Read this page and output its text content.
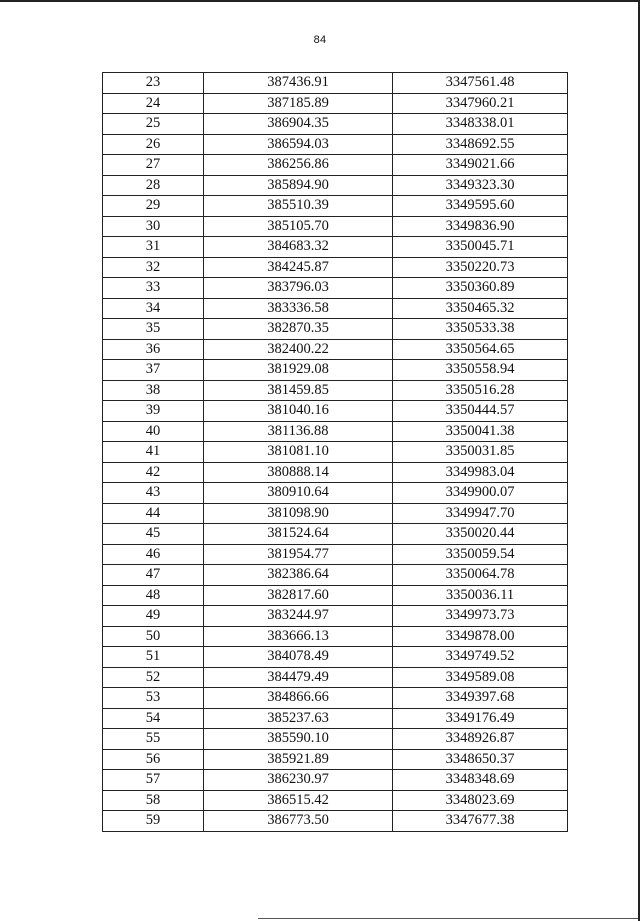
84
23	387436.91	3347561.48
24	387185.89	3347960.21
25	386904.35	3348338.01
26	386594.03	3348692.55
27	386256.86	3349021.66
28	385894.90	3349323.30
29	385510.39	3349595.60
30	385105.70	3349836.90
31	384683.32	3350045.71
32	384245.87	3350220.73
33	383796.03	3350360.89
34	383336.58	3350465.32
35	382870.35	3350533.38
36	382400.22	3350564.65
37	381929.08	3350558.94
38	381459.85	3350516.28
39	381040.16	3350444.57
40	381136.88	3350041.38
41	381081.10	3350031.85
42	380888.14	3349983.04
43	380910.64	3349900.07
44	381098.90	3349947.70
45	381524.64	3350020.44
46	381954.77	3350059.54
47	382386.64	3350064.78
48	382817.60	3350036.11
49	383244.97	3349973.73
50	383666.13	3349878.00
51	384078.49	3349749.52
52	384479.49	3349589.08
53	384866.66	3349397.68
54	385237.63	3349176.49
55	385590.10	3348926.87
56	385921.89	3348650.37
57	386230.97	3348348.69
58	386515.42	3348023.69
59	386773.50	3347677.38
